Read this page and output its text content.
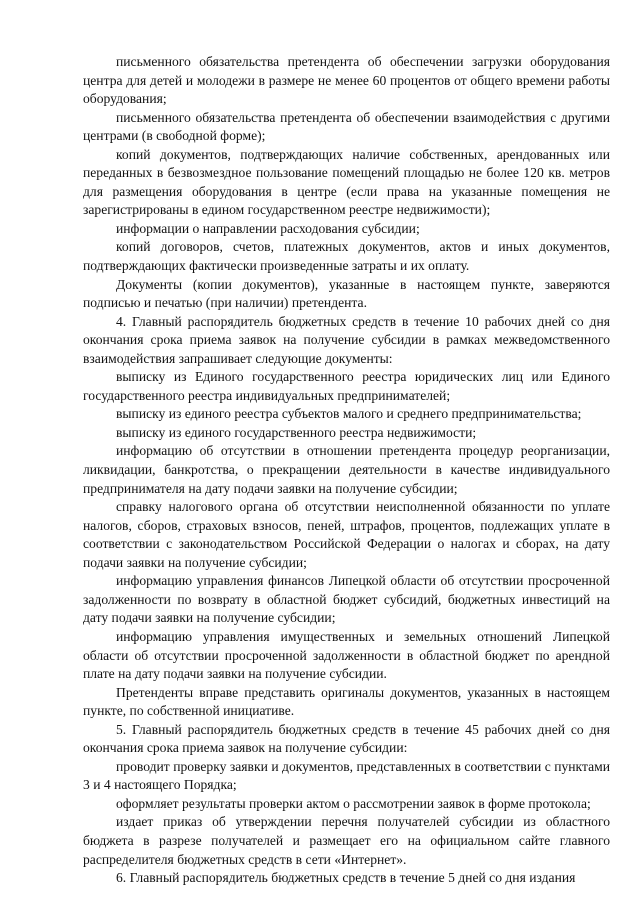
письменного обязательства претендента об обеспечении загрузки оборудования центра для детей и молодежи в размере не менее 60 процентов от общего времени работы оборудования;

письменного обязательства претендента об обеспечении взаимодействия с другими центрами (в свободной форме);

копий документов, подтверждающих наличие собственных, арендованных или переданных в безвозмездное пользование помещений площадью не более 120 кв. метров для размещения оборудования в центре (если права на указанные помещения не зарегистрированы в едином государственном реестре недвижимости);

информации о направлении расходования субсидии;

копий договоров, счетов, платежных документов, актов и иных документов, подтверждающих фактически произведенные затраты и их оплату.

Документы (копии документов), указанные в настоящем пункте, заверяются подписью и печатью (при наличии) претендента.

4. Главный распорядитель бюджетных средств в течение 10 рабочих дней со дня окончания срока приема заявок на получение субсидии в рамках межведомственного взаимодействия запрашивает следующие документы:

выписку из Единого государственного реестра юридических лиц или Единого государственного реестра индивидуальных предпринимателей;

выписку из единого реестра субъектов малого и среднего предпринимательства;

выписку из единого государственного реестра недвижимости;

информацию об отсутствии в отношении претендента процедур реорганизации, ликвидации, банкротства, о прекращении деятельности в качестве индивидуального предпринимателя на дату подачи заявки на получение субсидии;

справку налогового органа об отсутствии неисполненной обязанности по уплате налогов, сборов, страховых взносов, пеней, штрафов, процентов, подлежащих уплате в соответствии с законодательством Российской Федерации о налогах и сборах, на дату подачи заявки на получение субсидии;

информацию управления финансов Липецкой области об отсутствии просроченной задолженности по возврату в областной бюджет субсидий, бюджетных инвестиций на дату подачи заявки на получение субсидии;

информацию управления имущественных и земельных отношений Липецкой области об отсутствии просроченной задолженности в областной бюджет по арендной плате на дату подачи заявки на получение субсидии.

Претенденты вправе представить оригиналы документов, указанных в настоящем пункте, по собственной инициативе.

5. Главный распорядитель бюджетных средств в течение 45 рабочих дней со дня окончания срока приема заявок на получение субсидии:

проводит проверку заявки и документов, представленных в соответствии с пунктами 3 и 4 настоящего Порядка;

оформляет результаты проверки актом о рассмотрении заявок в форме протокола;

издает приказ об утверждении перечня получателей субсидии из областного бюджета в разрезе получателей и размещает его на официальном сайте главного распределителя бюджетных средств в сети «Интернет».

6. Главный распорядитель бюджетных средств в течение 5 дней со дня издания
